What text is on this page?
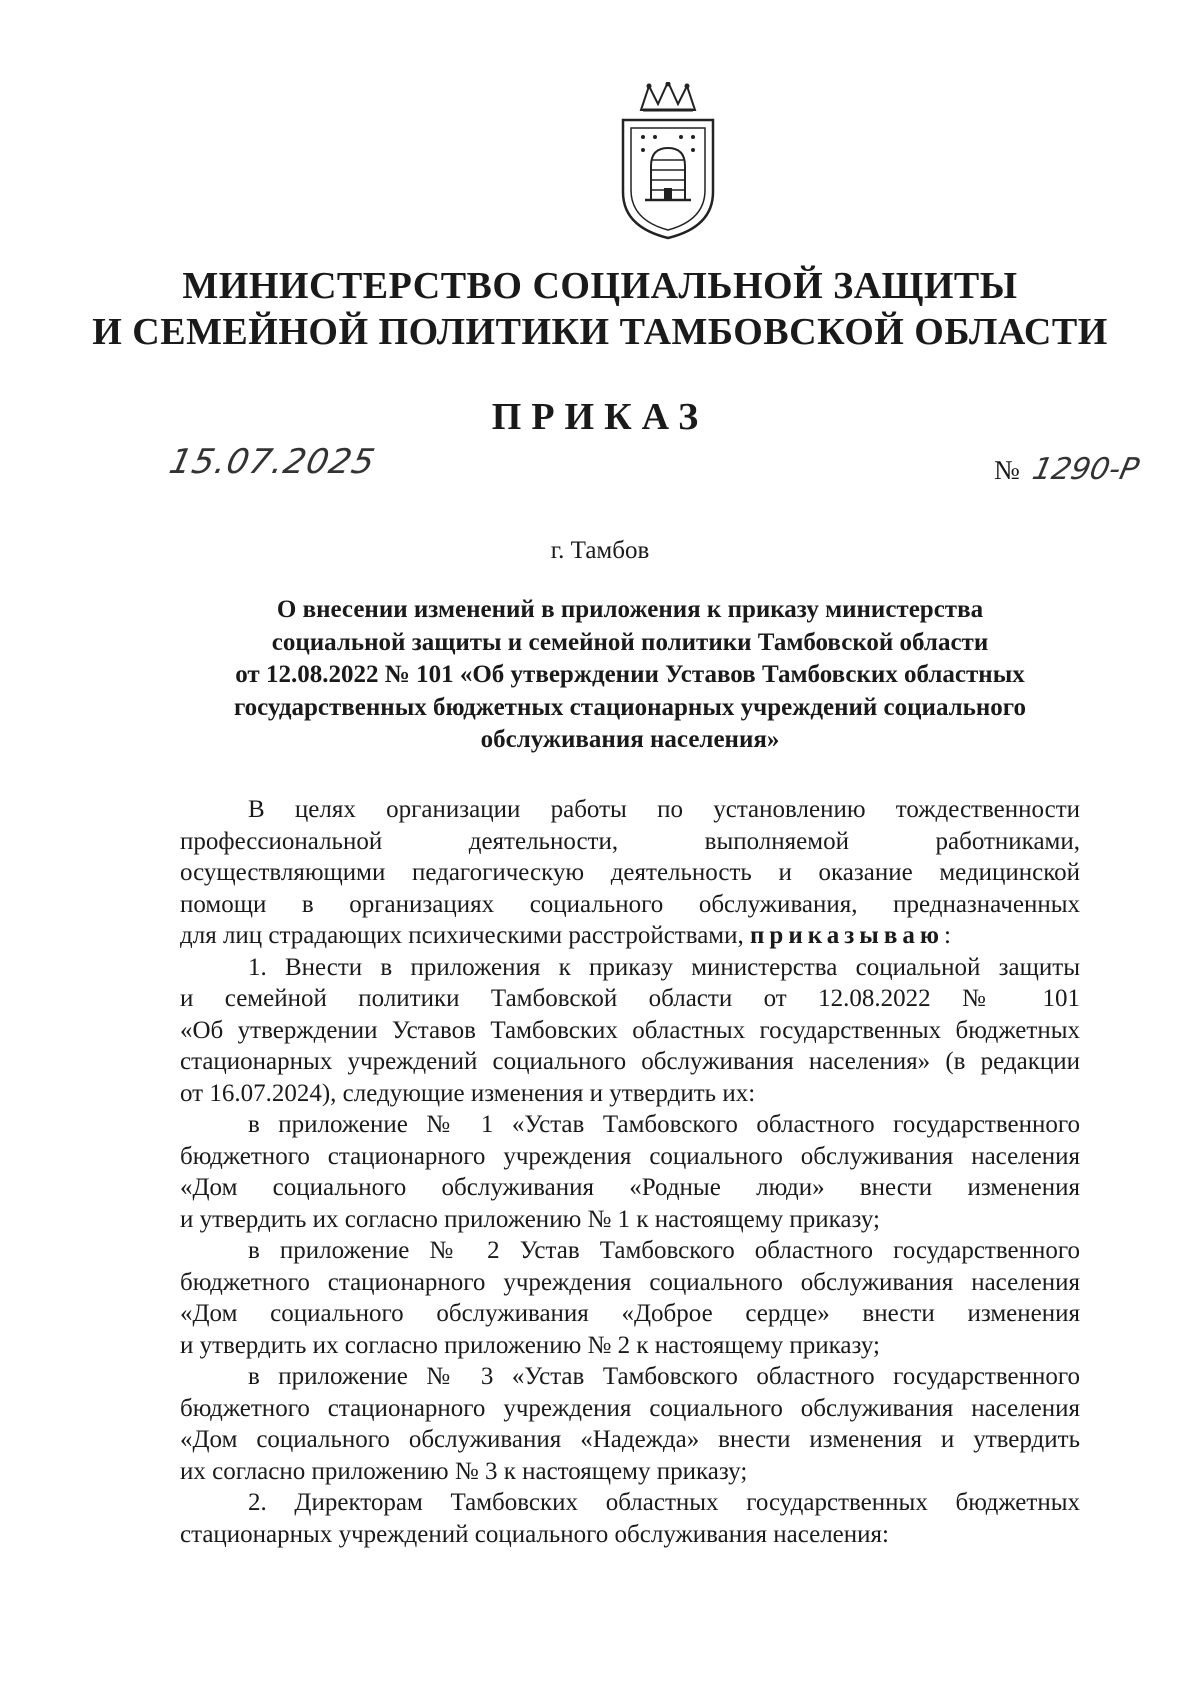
МИНИСТЕРСТВО СОЦИАЛЬНОЙ ЗАЩИТЫ
И СЕМЕЙНОЙ ПОЛИТИКИ ТАМБОВСКОЙ ОБЛАСТИ
ПРИКАЗ
15.07.2025	№ 1290-Р
г. Тамбов
О внесении изменений в приложения к приказу министерства
социальной защиты и семейной политики Тамбовской области
от 12.08.2022 № 101 «Об утверждении Уставов Тамбовских областных
государственных бюджетных стационарных учреждений социального
обслуживания населения»
В целях организации работы по установлению тождественности
профессиональной деятельности, выполняемой работниками,
осуществляющими педагогическую деятельность и оказание медицинской
помощи в организациях социального обслуживания, предназначенных
для лиц страдающих психическими расстройствами, приказываю:
1. Внести в приложения к приказу министерства социальной защиты
и семейной политики Тамбовской области от 12.08.2022 № 101
«Об утверждении Уставов Тамбовских областных государственных бюджетных
стационарных учреждений социального обслуживания населения» (в редакции
от 16.07.2024), следующие изменения и утвердить их:
в приложение № 1 «Устав Тамбовского областного государственного
бюджетного стационарного учреждения социального обслуживания населения
«Дом социального обслуживания «Родные люди» внести изменения
и утвердить их согласно приложению № 1 к настоящему приказу;
в приложение № 2 Устав Тамбовского областного государственного
бюджетного стационарного учреждения социального обслуживания населения
«Дом социального обслуживания «Доброе сердце» внести изменения
и утвердить их согласно приложению № 2 к настоящему приказу;
в приложение № 3 «Устав Тамбовского областного государственного
бюджетного стационарного учреждения социального обслуживания населения
«Дом социального обслуживания «Надежда» внести изменения и утвердить
их согласно приложению № 3 к настоящему приказу;
2. Директорам Тамбовских областных государственных бюджетных
стационарных учреждений социального обслуживания населения:
